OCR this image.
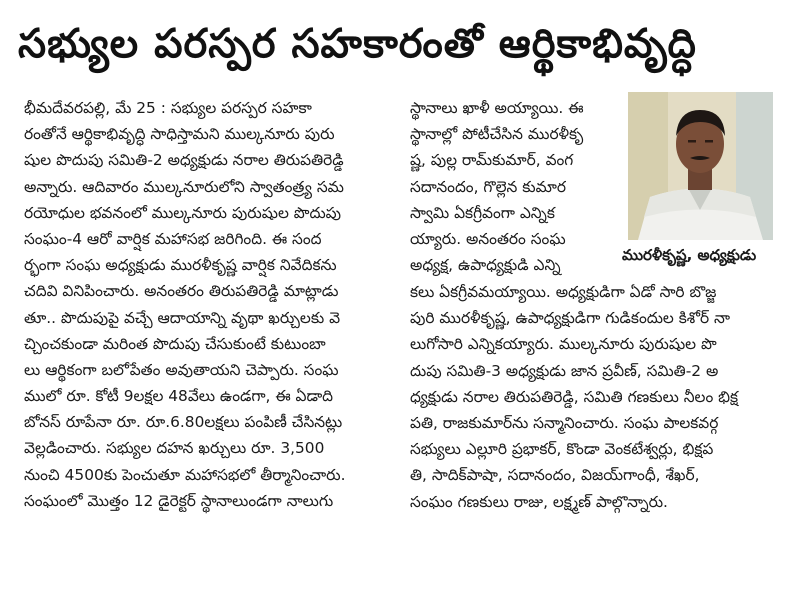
సభ్యుల పరస్పర సహకారంతో ఆర్థికాభివృద్ధి
భీమదేవరపల్లి, మే 25 : సభ్యుల పరస్పర సహకా
రంతోనే ఆర్థికాభివృద్ధి సాధిస్తామని ముల్కనూరు పురు
షుల పొదుపు సమితి-2 అధ్యక్షుడు నరాల తిరుపతిరెడ్డి
అన్నారు. ఆదివారం ముల్కనూరులోని స్వాతంత్ర్య సమ
రయోధుల భవనంలో ముల్కనూరు పురుషుల పొదుపు
సంఘం-4 ఆరో వార్షిక మహాసభ జరిగింది. ఈ సంద
ర్భంగా సంఘ అధ్యక్షుడు మురళీకృష్ణ వార్షిక నివేదికను
చదివి వినిపించారు. అనంతరం తిరుపతిరెడ్డి మాట్లాడు
తూ.. పొదుపుపై వచ్చే ఆదాయాన్ని వృథా ఖర్చులకు వె
చ్చించకుండా మరింత పొదుపు చేసుకుంటే కుటుంబా
లు ఆర్థికంగా బలోపేతం అవుతాయని చెప్పారు. సంఘ
ములో రూ. కోటీ 9లక్షల 48వేలు ఉండగా, ఈ ఏడాది
బోనస్ రూపేనా రూ. రూ.6.80లక్షలు పంపిణీ చేసినట్లు
వెల్లడించారు. సభ్యుల దహన ఖర్చులు రూ. 3,500
నుంచి 4500కు పెంచుతూ మహాసభలో తీర్మానించారు.
సంఘంలో మొత్తం 12 డైరెక్టర్ స్థానాలుండగా నాలుగు
స్థానాలు ఖాళీ అయ్యాయి. ఈ
స్థానాల్లో పోటీచేసిన మురళీకృ
ష్ణ, పుల్ల రామ్‌కుమార్, వంగ
సదానందం, గొల్లెన కుమార
స్వామి ఏకగ్రీవంగా ఎన్నిక
య్యారు. అనంతరం సంఘ
అధ్యక్ష, ఉపాధ్యక్షుడి ఎన్ని
మురళీకృష్ణ, అధ్యక్షుడు
కలు ఏకగ్రీవమయ్యాయి. అధ్యక్షుడిగా ఏడో సారి బొజ్జ
పురి మురళీకృష్ణ, ఉపాధ్యక్షుడిగా గుడికందుల కిశోర్ నా
లుగోసారి ఎన్నికయ్యారు. ముల్కనూరు పురుషుల పొ
దుపు సమితి-3 అధ్యక్షుడు జాన ప్రవీణ్, సమితి-2 అ
ధ్యక్షుడు నరాల తిరుపతిరెడ్డి, సమితి గణకులు నీలం భిక్ష
పతి, రాజకుమార్‌ను సన్మానించారు. సంఘ పాలకవర్గ
సభ్యులు ఎల్లూరి ప్రభాకర్, కొండా వెంకటేశ్వర్లు, భిక్షప
తి, సాదిక్‌పాషా, సదానందం, విజయ్‌గాంధీ, శేఖర్,
సంఘం గణకులు రాజు, లక్ష్మణ్ పాల్గొన్నారు.
